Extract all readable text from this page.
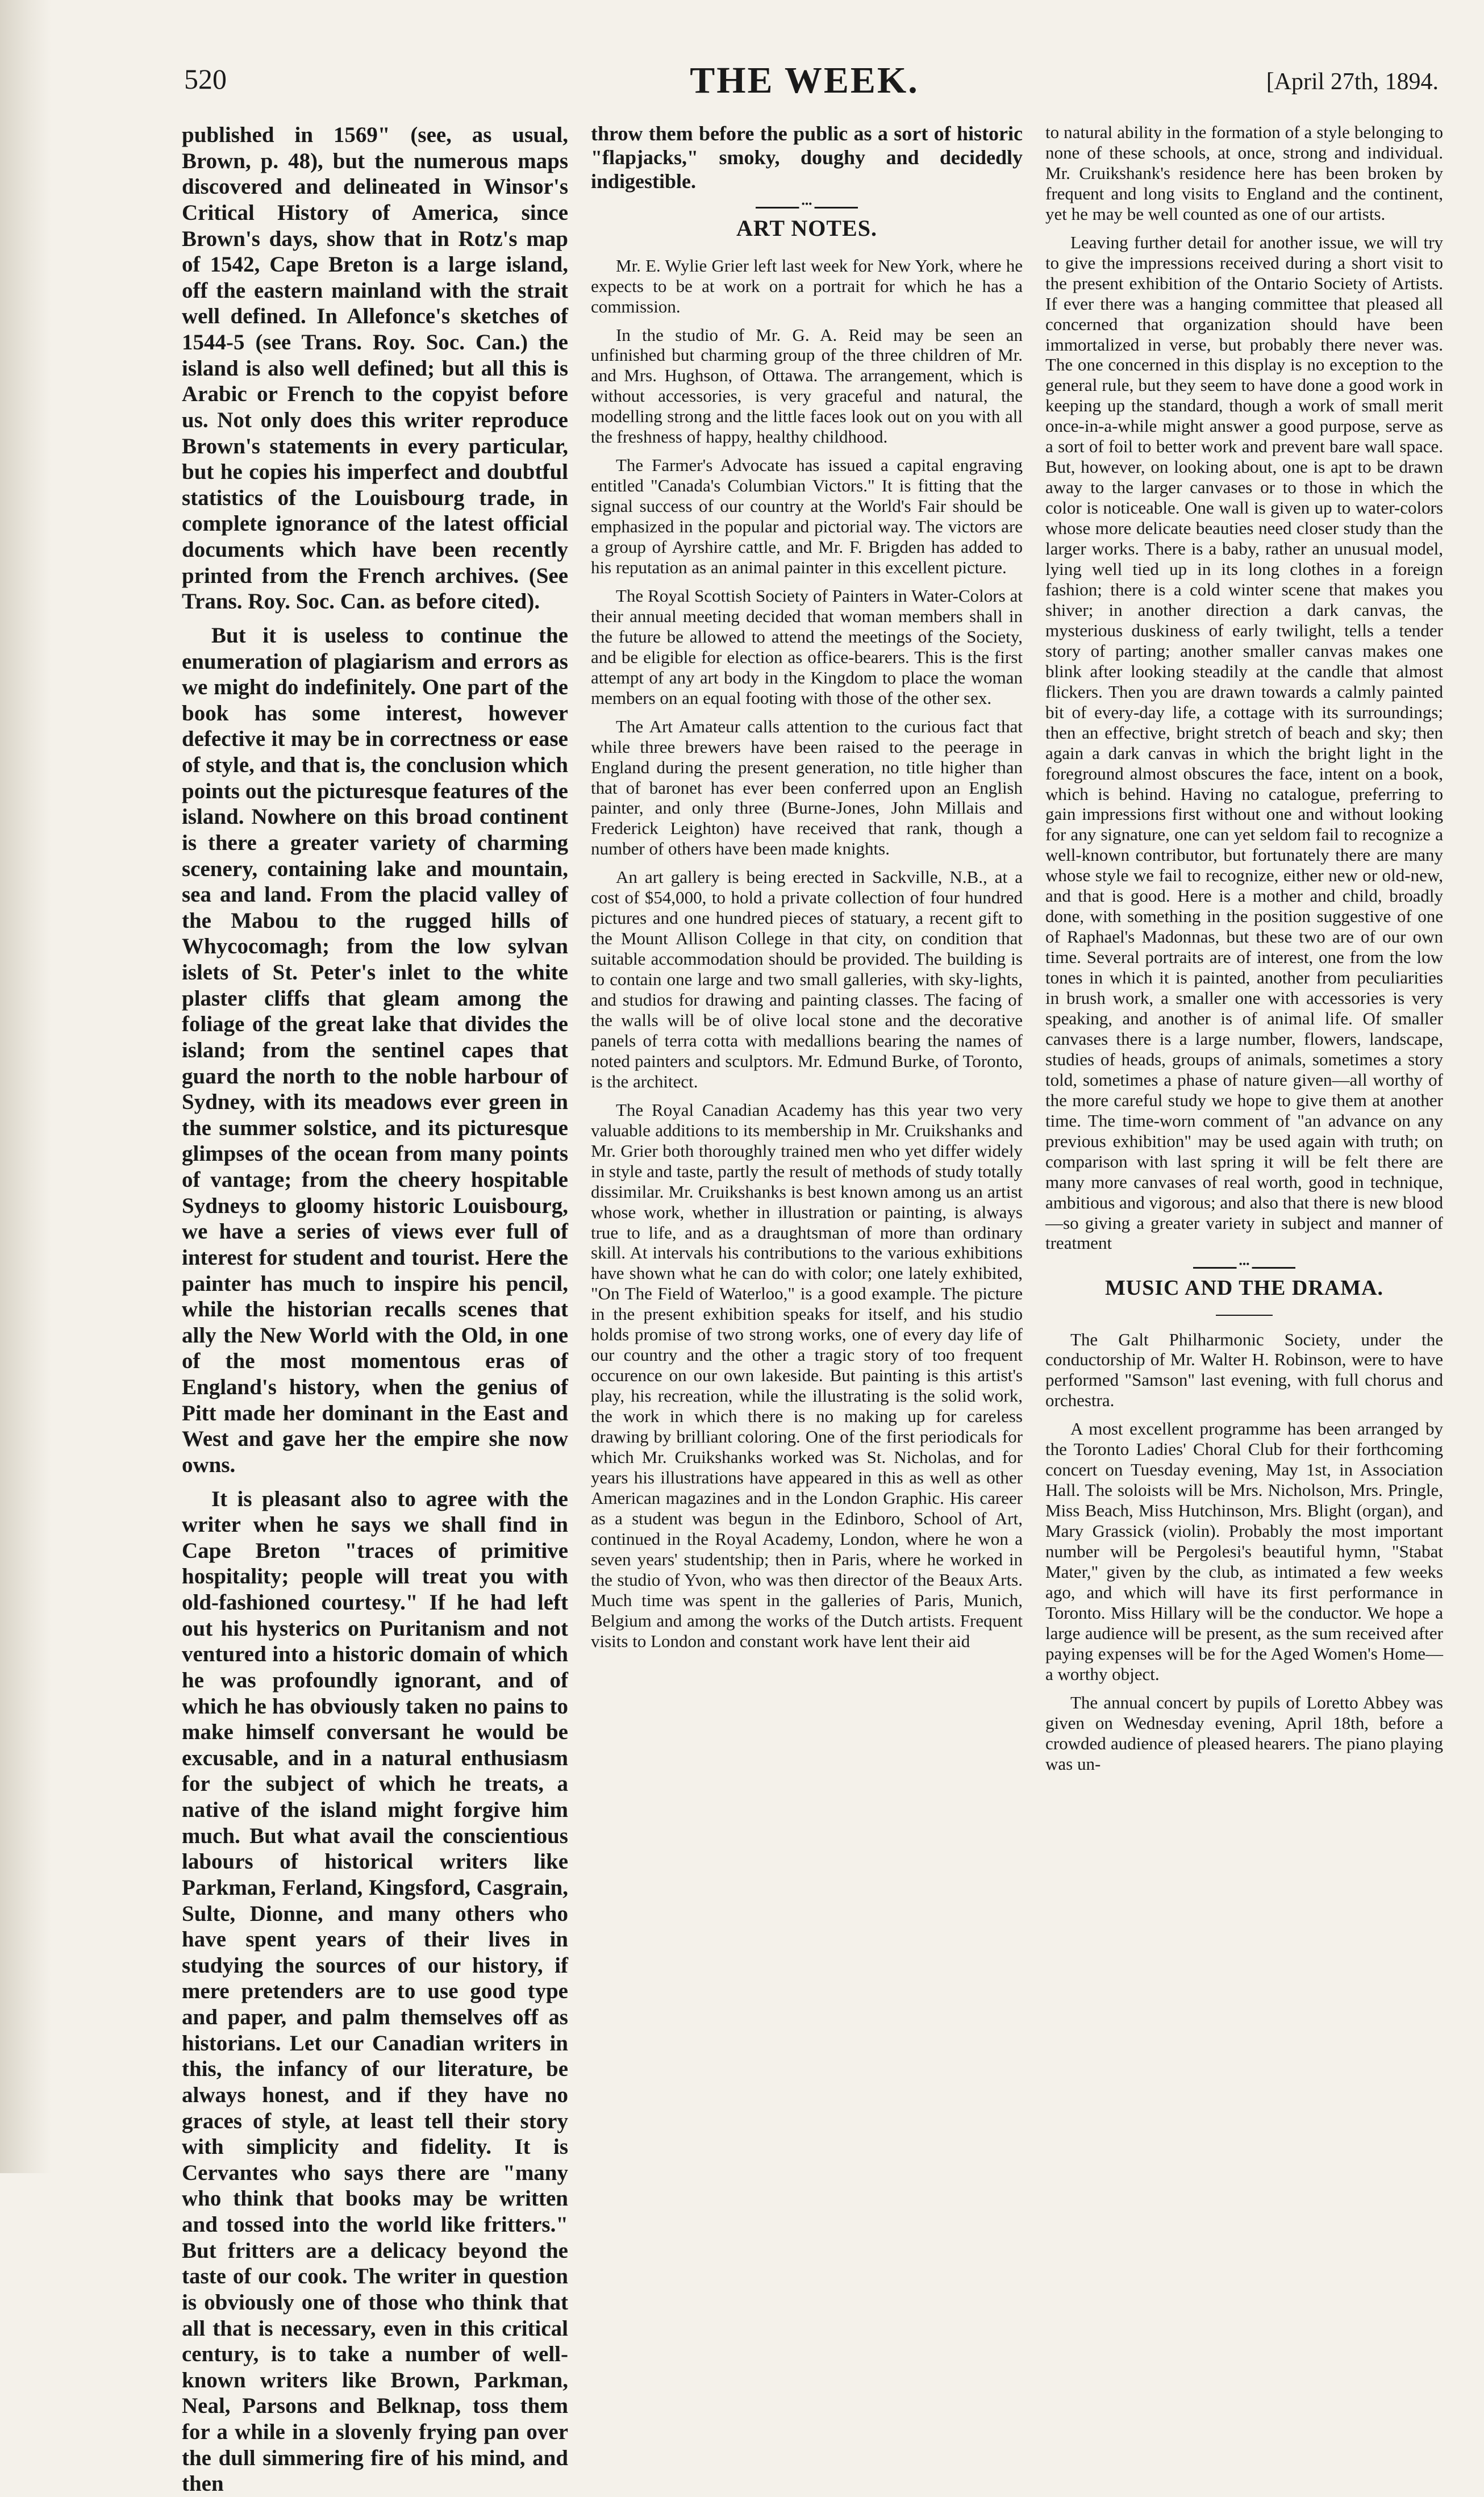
520	THE WEEK.	[April 27th, 1894.

published in 1569" (see, as usual, Brown, p. 48), but the numerous maps discovered and delineated in Winsor's Critical History of America, since Brown's days, show that in Rotz's map of 1542, Cape Breton is a large island, off the eastern mainland with the strait well defined. In Allefonce's sketches of 1544-5 (see Trans. Roy. Soc. Can.) the island is also well defined; but all this is Arabic or French to the copyist before us. Not only does this writer reproduce Brown's statements in every particular, but he copies his imperfect and doubtful statistics of the Louisbourg trade, in complete ignorance of the latest official documents which have been recently printed from the French archives. (See Trans. Roy. Soc. Can. as before cited).

But it is useless to continue the enumeration of plagiarism and errors as we might do indefinitely. One part of the book has some interest, however defective it may be in correctness or ease of style, and that is, the conclusion which points out the picturesque features of the island. Nowhere on this broad continent is there a greater variety of charming scenery, containing lake and mountain, sea and land. From the placid valley of the Mabou to the rugged hills of Whycocomagh; from the low sylvan islets of St. Peter's inlet to the white plaster cliffs that gleam among the foliage of the great lake that divides the island; from the sentinel capes that guard the north to the noble harbour of Sydney, with its meadows ever green in the summer solstice, and its picturesque glimpses of the ocean from many points of vantage; from the cheery hospitable Sydneys to gloomy historic Louisbourg, we have a series of views ever full of interest for student and tourist. Here the painter has much to inspire his pencil, while the historian recalls scenes that ally the New World with the Old, in one of the most momentous eras of England's history, when the genius of Pitt made her dominant in the East and West and gave her the empire she now owns.

It is pleasant also to agree with the writer when he says we shall find in Cape Breton "traces of primitive hospitality; people will treat you with old-fashioned courtesy." If he had left out his hysterics on Puritanism and not ventured into a historic domain of which he was profoundly ignorant, and of which he has obviously taken no pains to make himself conversant he would be excusable, and in a natural enthusiasm for the subject of which he treats, a native of the island might forgive him much. But what avail the conscientious labours of historical writers like Parkman, Ferland, Kingsford, Casgrain, Sulte, Dionne, and many others who have spent years of their lives in studying the sources of our history, if mere pretenders are to use good type and paper, and palm themselves off as historians. Let our Canadian writers in this, the infancy of our literature, be always honest, and if they have no graces of style, at least tell their story with simplicity and fidelity. It is Cervantes who says there are "many who think that books may be written and tossed into the world like fritters." But fritters are a delicacy beyond the taste of our cook. The writer in question is obviously one of those who think that all that is necessary, even in this critical century, is to take a number of well-known writers like Brown, Parkman, Neal, Parsons and Belknap, toss them for a while in a slovenly frying pan over the dull simmering fire of his mind, and then

throw them before the public as a sort of historic "flapjacks," smoky, doughy and decidedly indigestible.

•••
ART NOTES.

Mr. E. Wylie Grier left last week for New York, where he expects to be at work on a portrait for which he has a commission.

In the studio of Mr. G. A. Reid may be seen an unfinished but charming group of the three children of Mr. and Mrs. Hughson, of Ottawa. The arrangement, which is without accessories, is very graceful and natural, the modelling strong and the little faces look out on you with all the freshness of happy, healthy childhood.

The Farmer's Advocate has issued a capital engraving entitled "Canada's Columbian Victors." It is fitting that the signal success of our country at the World's Fair should be emphasized in the popular and pictorial way. The victors are a group of Ayrshire cattle, and Mr. F. Brigden has added to his reputation as an animal painter in this excellent picture.

The Royal Scottish Society of Painters in Water-Colors at their annual meeting decided that woman members shall in the future be allowed to attend the meetings of the Society, and be eligible for election as office-bearers. This is the first attempt of any art body in the Kingdom to place the woman members on an equal footing with those of the other sex.

The Art Amateur calls attention to the curious fact that while three brewers have been raised to the peerage in England during the present generation, no title higher than that of baronet has ever been conferred upon an English painter, and only three (Burne-Jones, John Millais and Frederick Leighton) have received that rank, though a number of others have been made knights.

An art gallery is being erected in Sackville, N.B., at a cost of $54,000, to hold a private collection of four hundred pictures and one hundred pieces of statuary, a recent gift to the Mount Allison College in that city, on condition that suitable accommodation should be provided. The building is to contain one large and two small galleries, with sky-lights, and studios for drawing and painting classes. The facing of the walls will be of olive local stone and the decorative panels of terra cotta with medallions bearing the names of noted painters and sculptors. Mr. Edmund Burke, of Toronto, is the architect.

The Royal Canadian Academy has this year two very valuable additions to its membership in Mr. Cruikshanks and Mr. Grier both thoroughly trained men who yet differ widely in style and taste, partly the result of methods of study totally dissimilar. Mr. Cruikshanks is best known among us an artist whose work, whether in illustration or painting, is always true to life, and as a draughtsman of more than ordinary skill. At intervals his contributions to the various exhibitions have shown what he can do with color; one lately exhibited, "On The Field of Waterloo," is a good example. The picture in the present exhibition speaks for itself, and his studio holds promise of two strong works, one of every day life of our country and the other a tragic story of too frequent occurence on our own lakeside. But painting is this artist's play, his recreation, while the illustrating is the solid work, the work in which there is no making up for careless drawing by brilliant coloring. One of the first periodicals for which Mr. Cruikshanks worked was St. Nicholas, and for years his illustrations have appeared in this as well as other American magazines and in the London Graphic. His career as a student was begun in the Edinboro, School of Art, continued in the Royal Academy, London, where he won a seven years' studentship; then in Paris, where he worked in the studio of Yvon, who was then director of the Beaux Arts. Much time was spent in the galleries of Paris, Munich, Belgium and among the works of the Dutch artists. Frequent visits to London and constant work have lent their aid

to natural ability in the formation of a style belonging to none of these schools, at once, strong and individual. Mr. Cruikshank's residence here has been broken by frequent and long visits to England and the continent, yet he may be well counted as one of our artists.

Leaving further detail for another issue, we will try to give the impressions received during a short visit to the present exhibition of the Ontario Society of Artists. If ever there was a hanging committee that pleased all concerned that organization should have been immortalized in verse, but probably there never was. The one concerned in this display is no exception to the general rule, but they seem to have done a good work in keeping up the standard, though a work of small merit once-in-a-while might answer a good purpose, serve as a sort of foil to better work and prevent bare wall space. But, however, on looking about, one is apt to be drawn away to the larger canvases or to those in which the color is noticeable. One wall is given up to water-colors whose more delicate beauties need closer study than the larger works. There is a baby, rather an unusual model, lying well tied up in its long clothes in a foreign fashion; there is a cold winter scene that makes you shiver; in another direction a dark canvas, the mysterious duskiness of early twilight, tells a tender story of parting; another smaller canvas makes one blink after looking steadily at the candle that almost flickers. Then you are drawn towards a calmly painted bit of every-day life, a cottage with its surroundings; then an effective, bright stretch of beach and sky; then again a dark canvas in which the bright light in the foreground almost obscures the face, intent on a book, which is behind. Having no catalogue, preferring to gain impressions first without one and without looking for any signature, one can yet seldom fail to recognize a well-known contributor, but fortunately there are many whose style we fail to recognize, either new or old-new, and that is good. Here is a mother and child, broadly done, with something in the position suggestive of one of Raphael's Madonnas, but these two are of our own time. Several portraits are of interest, one from the low tones in which it is painted, another from peculiarities in brush work, a smaller one with accessories is very speaking, and another is of animal life. Of smaller canvases there is a large number, flowers, landscape, studies of heads, groups of animals, sometimes a story told, sometimes a phase of nature given—all worthy of the more careful study we hope to give them at another time. The time-worn comment of "an advance on any previous exhibition" may be used again with truth; on comparison with last spring it will be felt there are many more canvases of real worth, good in technique, ambitious and vigorous; and also that there is new blood—so giving a greater variety in subject and manner of treatment

•••
MUSIC AND THE DRAMA.

The Galt Philharmonic Society, under the conductorship of Mr. Walter H. Robinson, were to have performed "Samson" last evening, with full chorus and orchestra.

A most excellent programme has been arranged by the Toronto Ladies' Choral Club for their forthcoming concert on Tuesday evening, May 1st, in Association Hall. The soloists will be Mrs. Nicholson, Mrs. Pringle, Miss Beach, Miss Hutchinson, Mrs. Blight (organ), and Mary Grassick (violin). Probably the most important number will be Pergolesi's beautiful hymn, "Stabat Mater," given by the club, as intimated a few weeks ago, and which will have its first performance in Toronto. Miss Hillary will be the conductor. We hope a large audience will be present, as the sum received after paying expenses will be for the Aged Women's Home—a worthy object.

The annual concert by pupils of Loretto Abbey was given on Wednesday evening, April 18th, before a crowded audience of pleased hearers. The piano playing was un-
